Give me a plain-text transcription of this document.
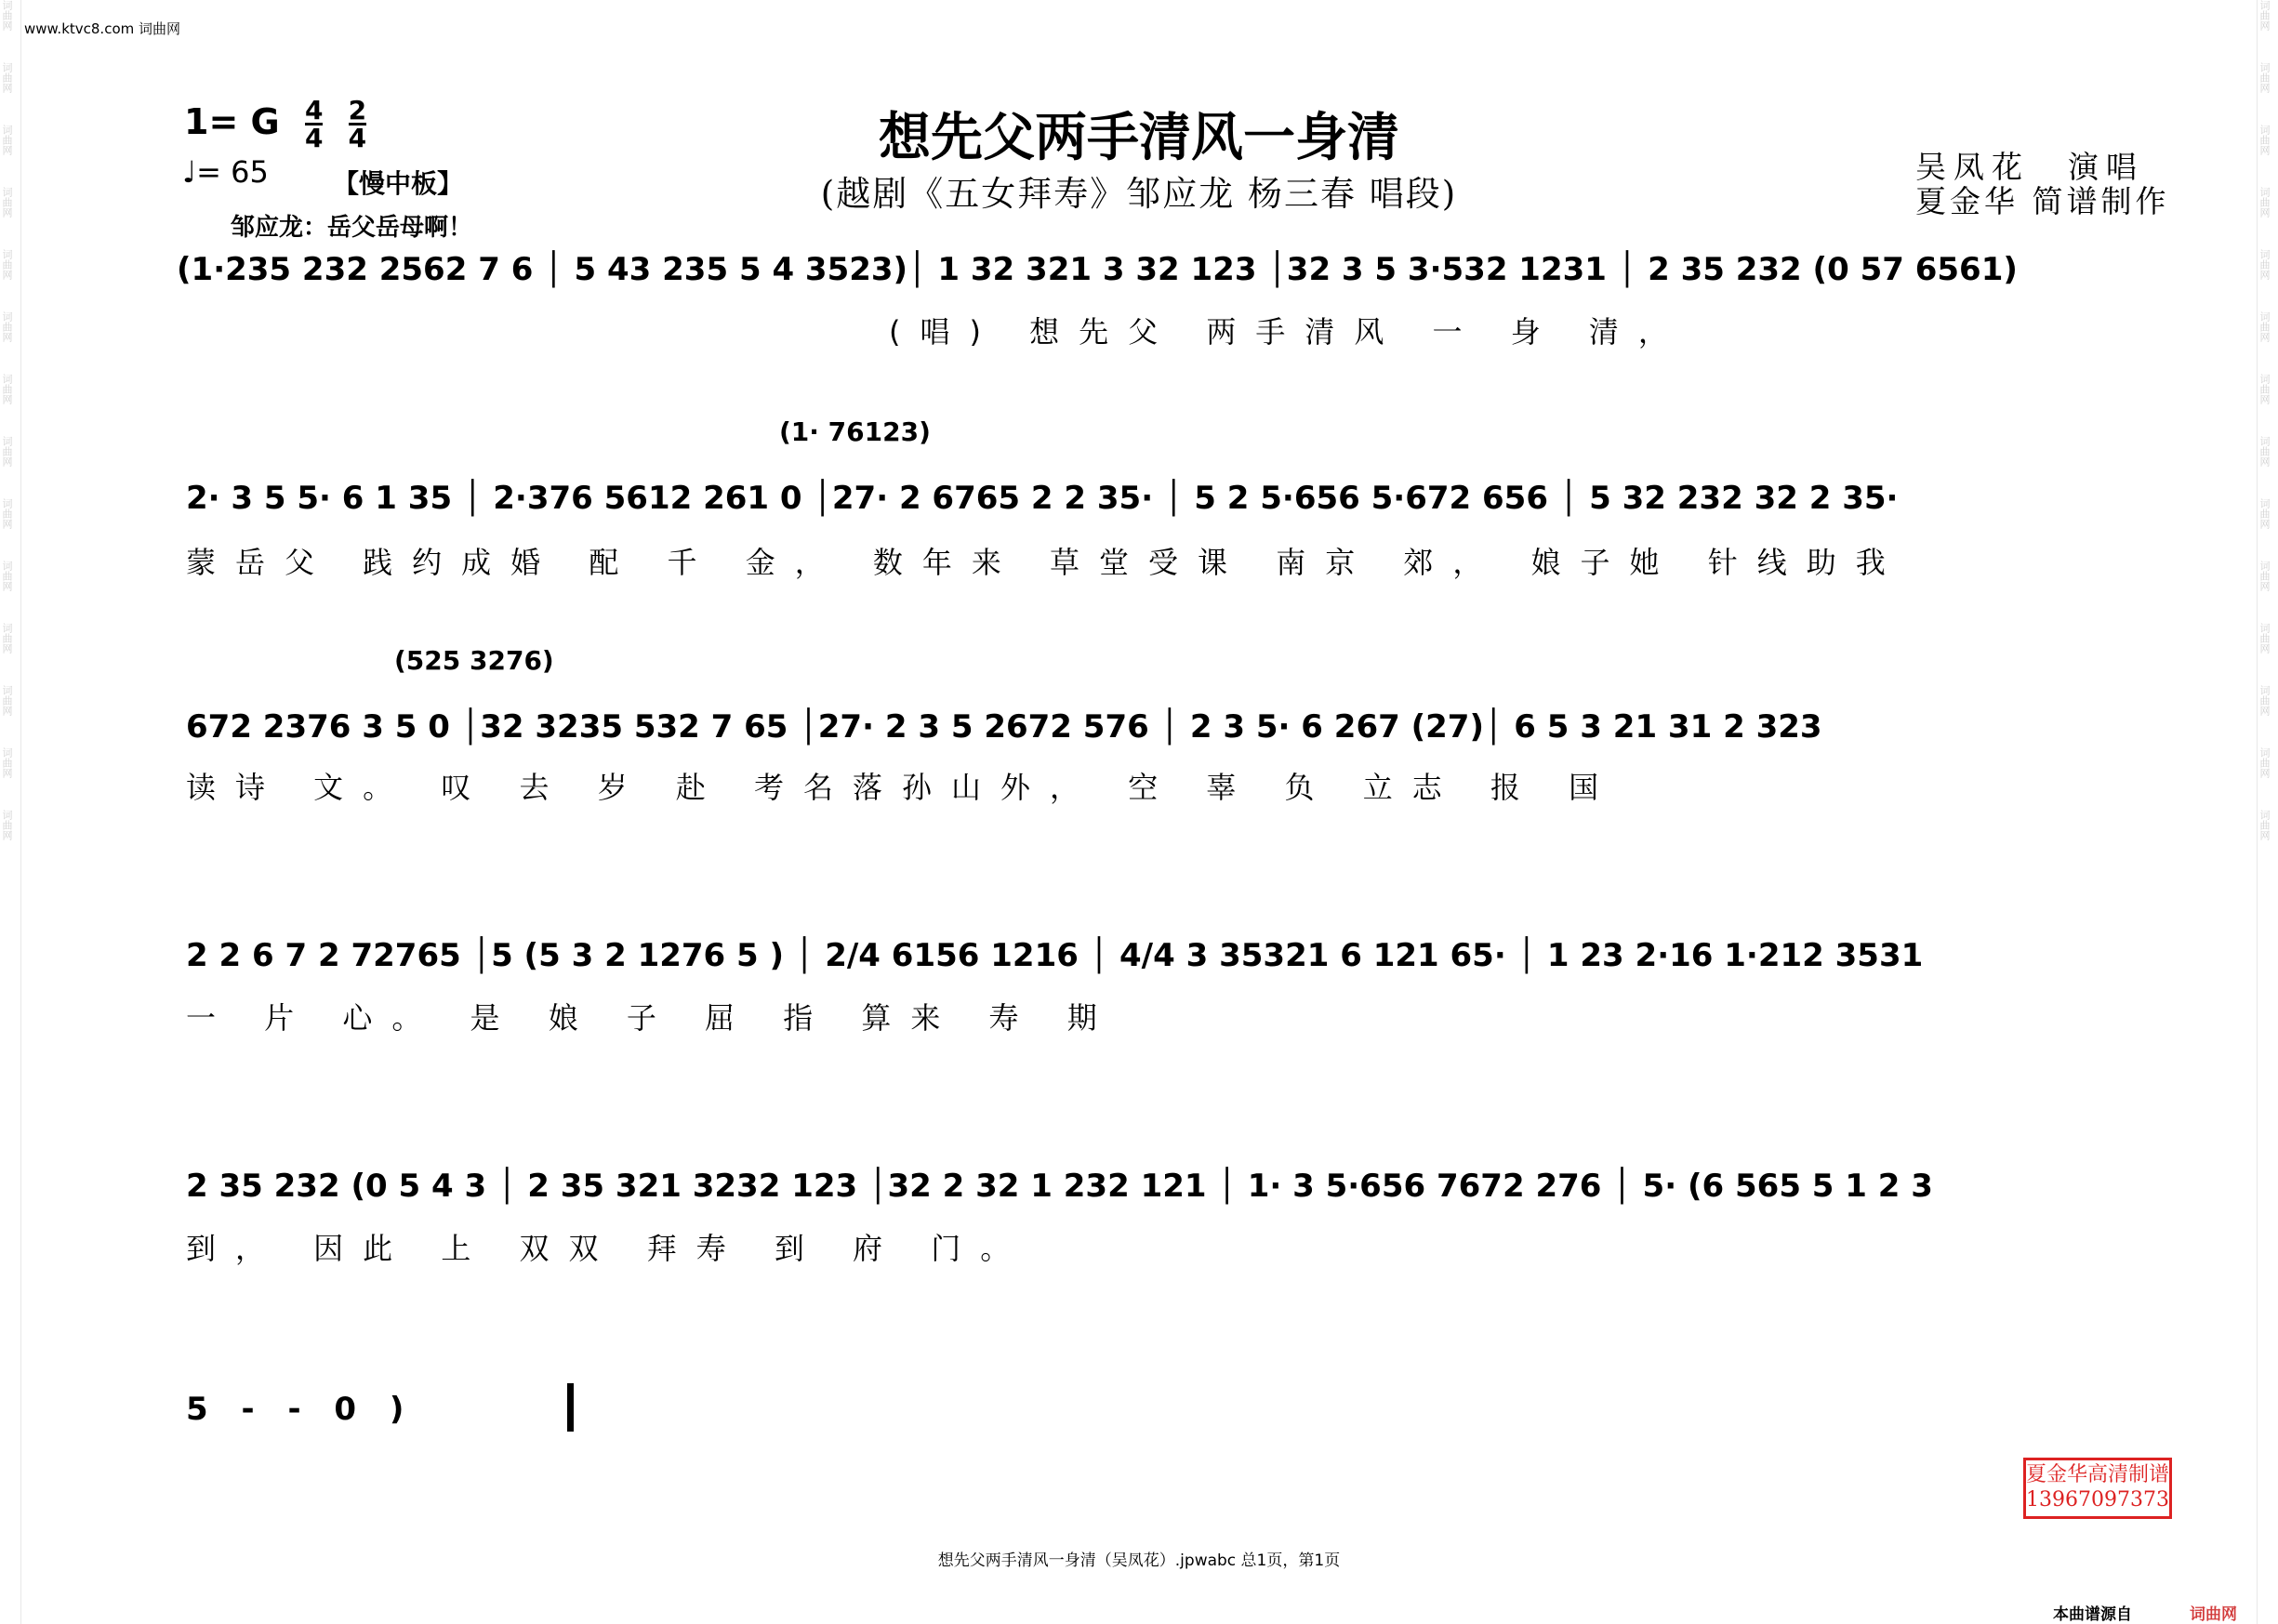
词曲网
词曲网
词曲网
词曲网
词曲网
词曲网
词曲网
词曲网
词曲网
词曲网
词曲网
词曲网
词曲网
词曲网
词曲网
词曲网
词曲网
词曲网
词曲网
词曲网
词曲网
词曲网
词曲网
词曲网
词曲网
词曲网
词曲网
词曲网
www.ktvc8.com 词曲网
1= G $\frac{4}{4}$
$\frac{2}{4}$
♩= 65 【慢中板】
邹应龙：岳父岳母啊！
想先父两手清风一身清
(越剧《五女拜寿》邹应龙 杨三春 唱段)
吴凤花　演唱
夏金华 简谱制作
(1·235 232 2562 7 6 │ 5 43 235 5 4 3523)│ 1 32 321 3 32 123 │32 3 5 3·532 1231 │ 2 35 232 (0 57 6561)
(唱) 想先父 两手清风 一 身 清，
(1· 76123)
2· 3 5 5· 6 1 35 │ 2·376 5612 261 0 │27· 2 6765 2 2 35· │ 5 2 5·656 5·672 656 │ 5 32 232 32 2 35·
蒙岳父 践约成婚 配 千 金， 数年来 草堂受课 南京 郊， 娘子她 针线助我
(525 3276)
672 2376 3 5 0 │32 3235 532 7 65 │27· 2 3 5 2672 576 │ 2 3 5· 6 267 (27)│ 6 5 3 21 31 2 323
读诗 文。 叹 去 岁 赴 考名落孙山外， 空 辜 负 立志 报 国
2 2 6 7 2 72765 │5 (5 3 2 1276 5 ) │ 2/4 6156 1216 │ 4/4 3 35321 6 121 65· │ 1 23 2·16 1·212 3531
一 片 心。 是 娘 子 屈 指 算来 寿 期
2 35 232 (0 5 4 3 │ 2 35 321 3232 123 │32 2 32 1 232 121 │ 1· 3 5·656 7672 276 │ 5· (6 565 5 1 2 3
到， 因此 上 双双 拜寿 到 府 门。
5 - - 0 )
夏金华高清制谱
13967097373
想先父两手清风一身清（吴凤花）.jpwabc 总1页，第1页
本曲谱源自	词曲网
